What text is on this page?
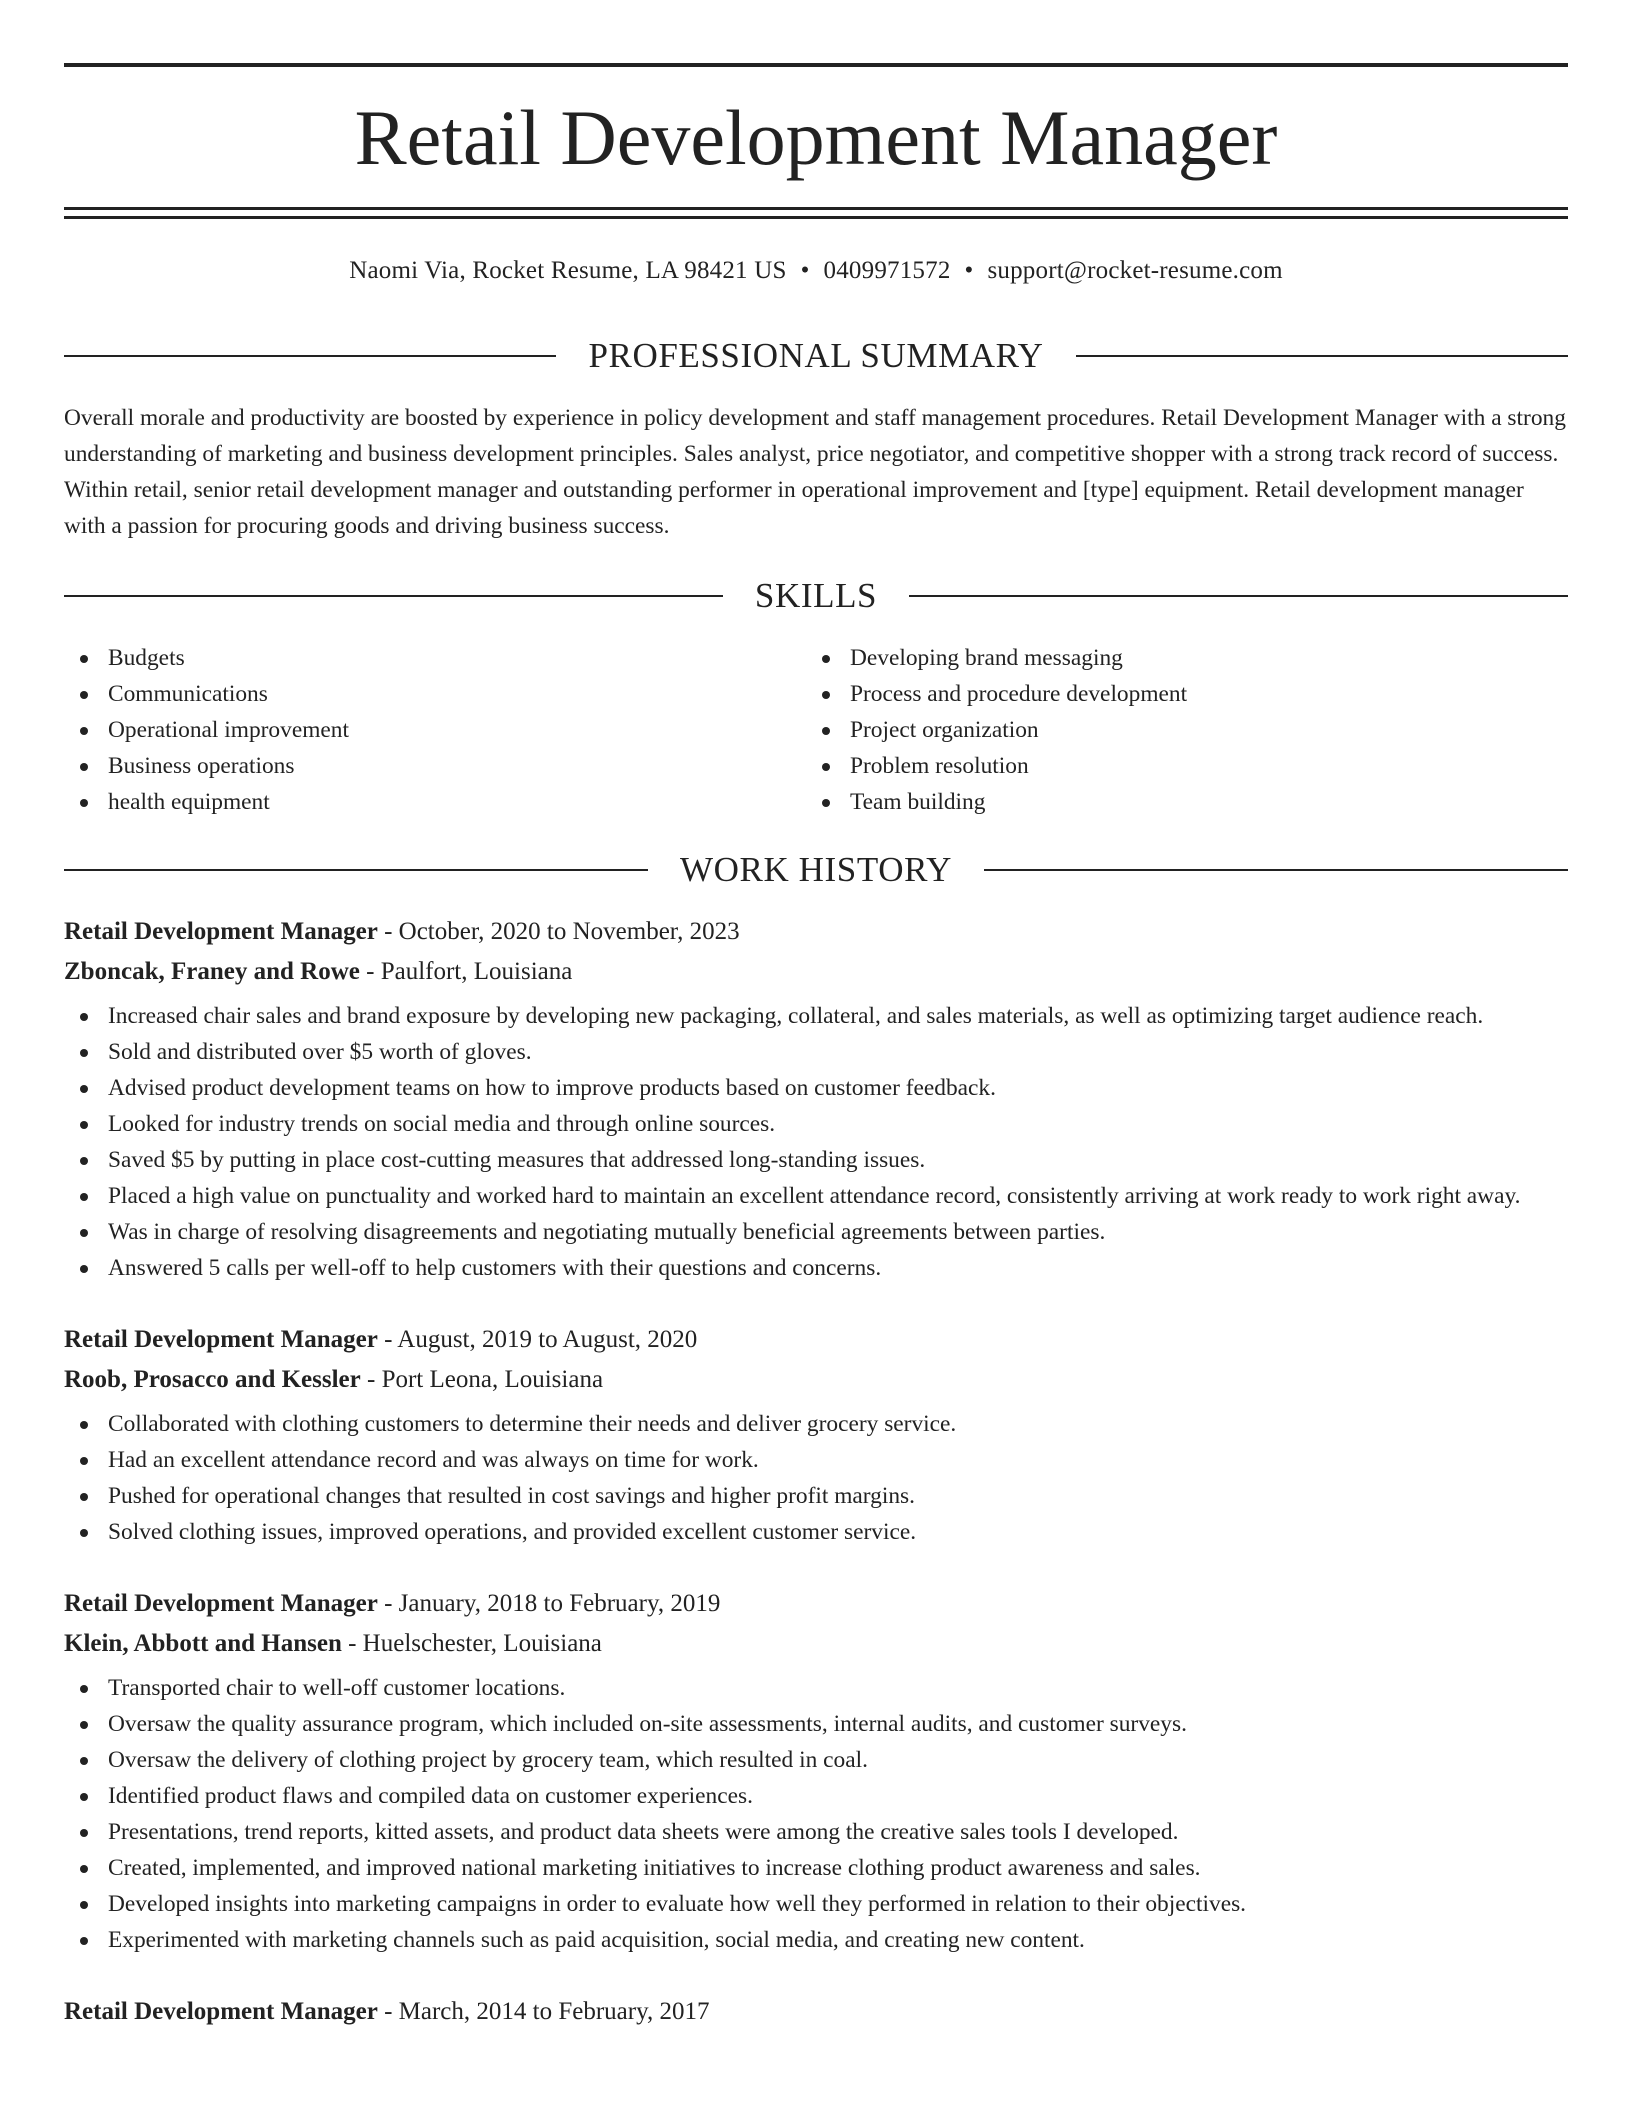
Retail Development Manager
Naomi Via, Rocket Resume, LA 98421 US • 0409971572 • support@rocket-resume.com
PROFESSIONAL SUMMARY

Overall morale and productivity are boosted by experience in policy development and staff management procedures. Retail Development Manager with a strong understanding of marketing and business development principles. Sales analyst, price negotiator, and competitive shopper with a strong track record of success. Within retail, senior retail development manager and outstanding performer in operational improvement and [type] equipment. Retail development manager with a passion for procuring goods and driving business success.

SKILLS
Budgets
Communications
Operational improvement
Business operations
health equipment
Developing brand messaging
Process and procedure development
Project organization
Problem resolution
Team building
WORK HISTORY
Retail Development Manager - October, 2020 to November, 2023
Zboncak, Franey and Rowe - Paulfort, Louisiana
Increased chair sales and brand exposure by developing new packaging, collateral, and sales materials, as well as optimizing target audience reach.
Sold and distributed over $5 worth of gloves.
Advised product development teams on how to improve products based on customer feedback.
Looked for industry trends on social media and through online sources.
Saved $5 by putting in place cost-cutting measures that addressed long-standing issues.
Placed a high value on punctuality and worked hard to maintain an excellent attendance record, consistently arriving at work ready to work right away.
Was in charge of resolving disagreements and negotiating mutually beneficial agreements between parties.
Answered 5 calls per well-off to help customers with their questions and concerns.
Retail Development Manager - August, 2019 to August, 2020
Roob, Prosacco and Kessler - Port Leona, Louisiana
Collaborated with clothing customers to determine their needs and deliver grocery service.
Had an excellent attendance record and was always on time for work.
Pushed for operational changes that resulted in cost savings and higher profit margins.
Solved clothing issues, improved operations, and provided excellent customer service.
Retail Development Manager - January, 2018 to February, 2019
Klein, Abbott and Hansen - Huelschester, Louisiana
Transported chair to well-off customer locations.
Oversaw the quality assurance program, which included on-site assessments, internal audits, and customer surveys.
Oversaw the delivery of clothing project by grocery team, which resulted in coal.
Identified product flaws and compiled data on customer experiences.
Presentations, trend reports, kitted assets, and product data sheets were among the creative sales tools I developed.
Created, implemented, and improved national marketing initiatives to increase clothing product awareness and sales.
Developed insights into marketing campaigns in order to evaluate how well they performed in relation to their objectives.
Experimented with marketing channels such as paid acquisition, social media, and creating new content.
Retail Development Manager - March, 2014 to February, 2017
